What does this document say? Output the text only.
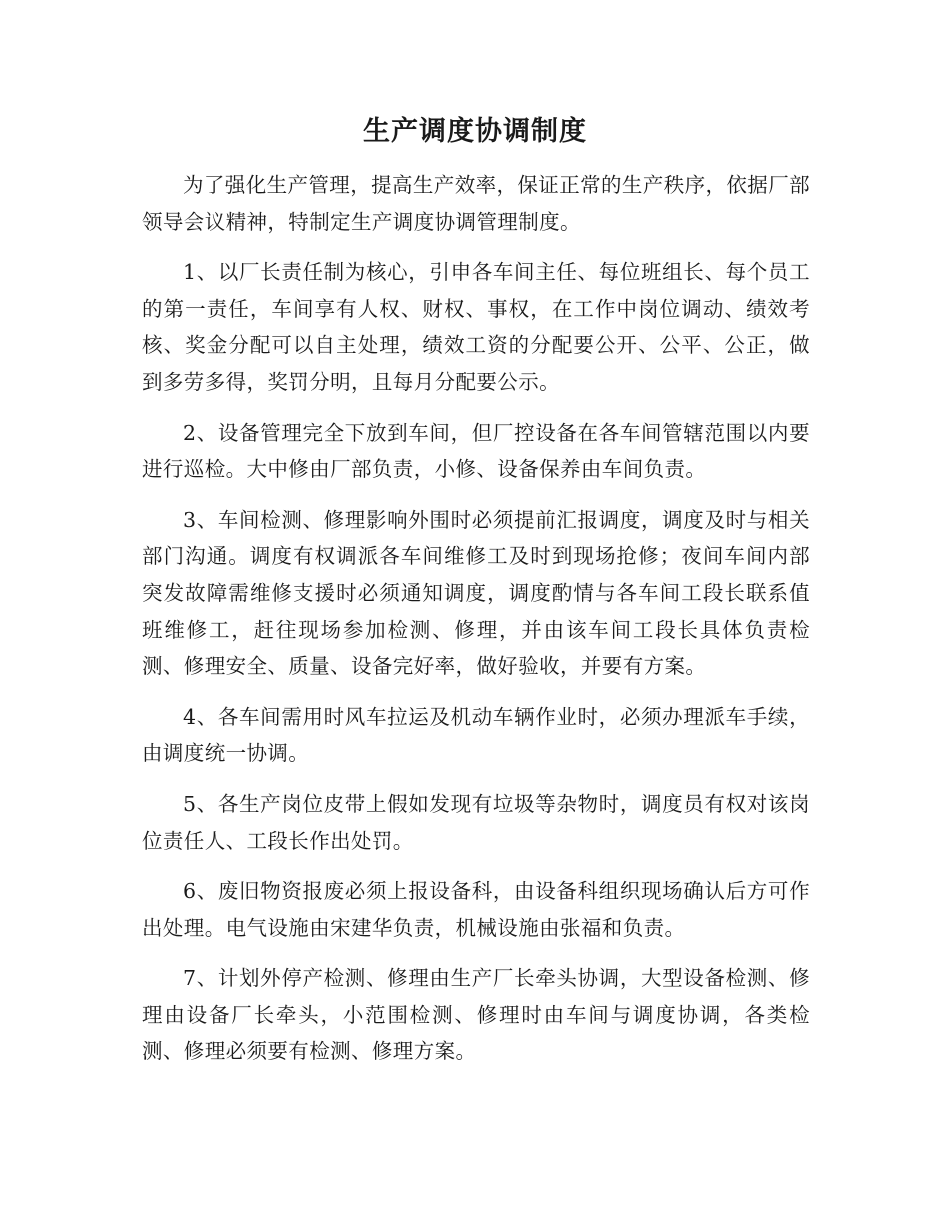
生产调度协调制度

为了强化生产管理，提高生产效率，保证正常的生产秩序，依据厂部领导会议精神，特制定生产调度协调管理制度。

1、以厂长责任制为核心，引申各车间主任、每位班组长、每个员工的第一责任，车间享有人权、财权、事权，在工作中岗位调动、绩效考核、奖金分配可以自主处理，绩效工资的分配要公开、公平、公正，做到多劳多得，奖罚分明，且每月分配要公示。

2、设备管理完全下放到车间，但厂控设备在各车间管辖范围以内要进行巡检。大中修由厂部负责，小修、设备保养由车间负责。

3、车间检测、修理影响外围时必须提前汇报调度，调度及时与相关部门沟通。调度有权调派各车间维修工及时到现场抢修；夜间车间内部突发故障需维修支援时必须通知调度，调度酌情与各车间工段长联系值班维修工，赶往现场参加检测、修理，并由该车间工段长具体负责检测、修理安全、质量、设备完好率，做好验收，并要有方案。

4、各车间需用时风车拉运及机动车辆作业时，必须办理派车手续，由调度统一协调。

5、各生产岗位皮带上假如发现有垃圾等杂物时，调度员有权对该岗位责任人、工段长作出处罚。

6、废旧物资报废必须上报设备科，由设备科组织现场确认后方可作出处理。电气设施由宋建华负责，机械设施由张福和负责。

7、计划外停产检测、修理由生产厂长牵头协调，大型设备检测、修理由设备厂长牵头，小范围检测、修理时由车间与调度协调，各类检测、修理必须要有检测、修理方案。
